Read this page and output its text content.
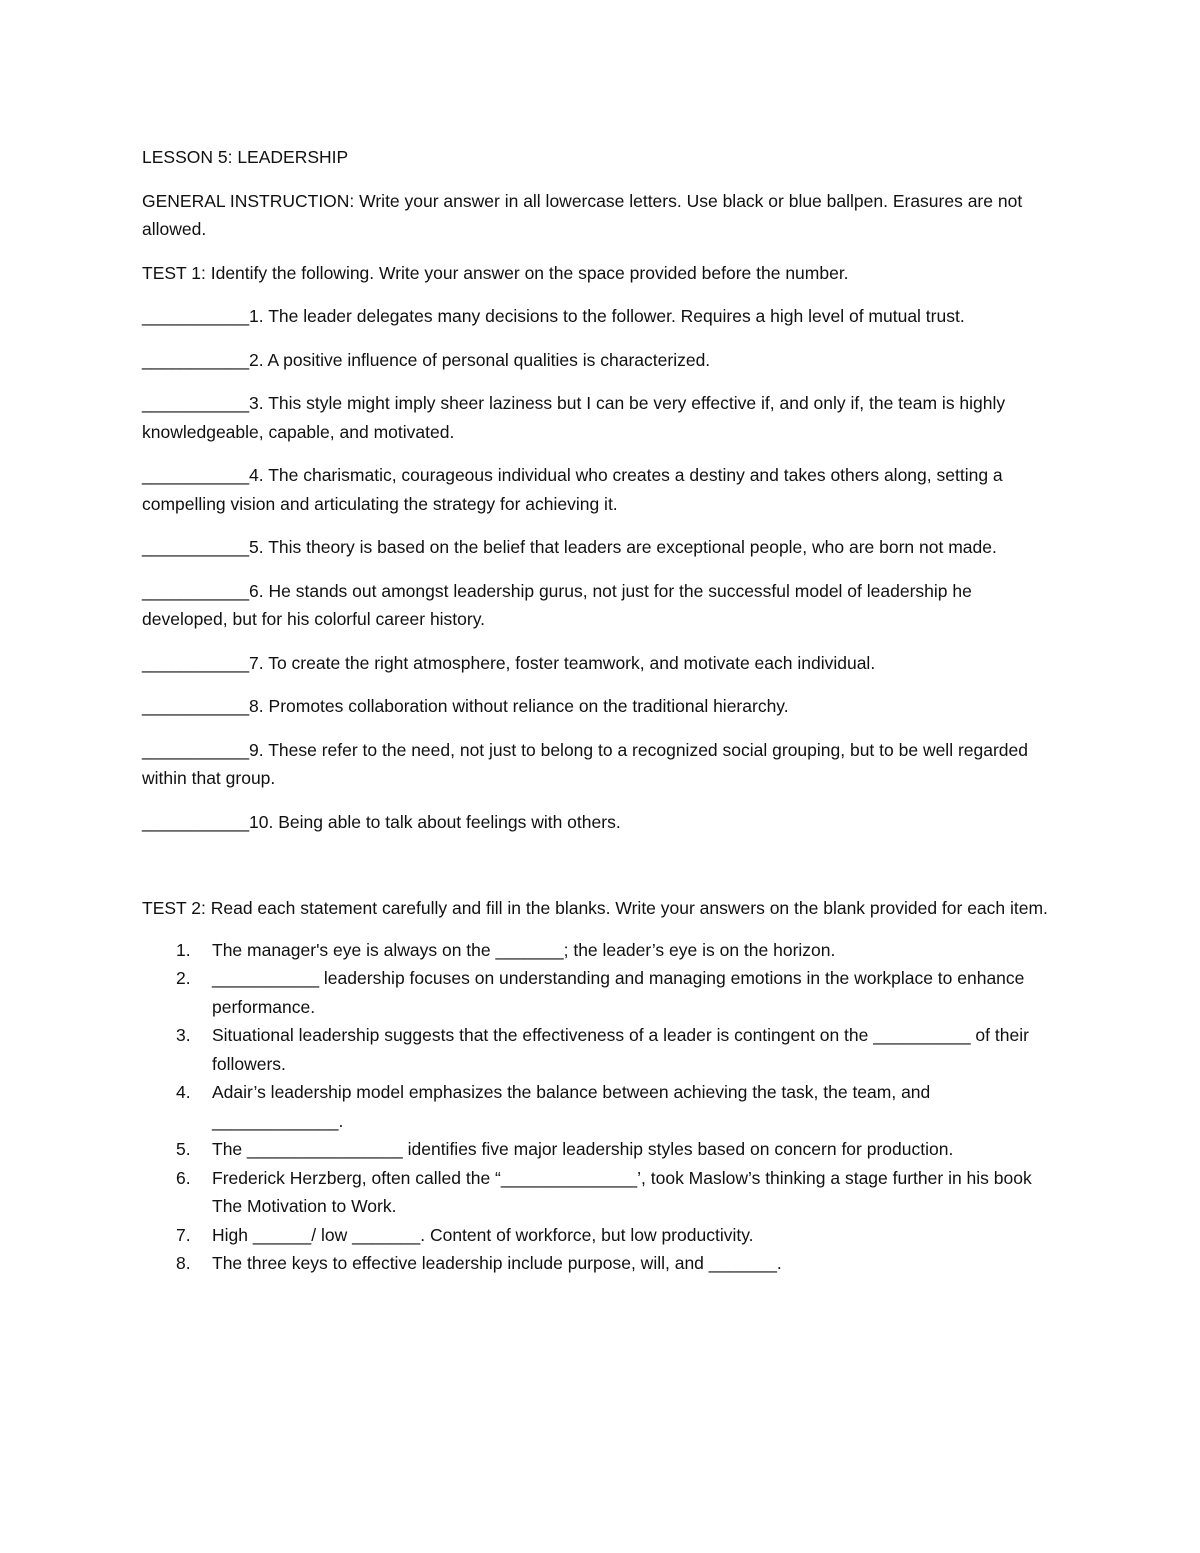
LESSON 5: LEADERSHIP

GENERAL INSTRUCTION: Write your answer in all lowercase letters. Use black or blue ballpen. Erasures are not allowed.

TEST 1: Identify the following. Write your answer on the space provided before the number.

___________1. The leader delegates many decisions to the follower. Requires a high level of mutual trust.
___________2. A positive influence of personal qualities is characterized.
___________3. This style might imply sheer laziness but I can be very effective if, and only if, the team is highly knowledgeable, capable, and motivated.
___________4. The charismatic, courageous individual who creates a destiny and takes others along, setting a compelling vision and articulating the strategy for achieving it.
___________5. This theory is based on the belief that leaders are exceptional people, who are born not made.
___________6. He stands out amongst leadership gurus, not just for the successful model of leadership he developed, but for his colorful career history.
___________7. To create the right atmosphere, foster teamwork, and motivate each individual.
___________8. Promotes collaboration without reliance on the traditional hierarchy.
___________9. These refer to the need, not just to belong to a recognized social grouping, but to be well regarded within that group.
___________10. Being able to talk about feelings with others.

TEST 2: Read each statement carefully and fill in the blanks. Write your answers on the blank provided for each item.

1.	The manager's eye is always on the _______; the leader’s eye is on the horizon.
2.	___________ leadership focuses on understanding and managing emotions in the workplace to enhance performance.
3.	Situational leadership suggests that the effectiveness of a leader is contingent on the __________ of their followers.
4.	Adair’s leadership model emphasizes the balance between achieving the task, the team, and _____________.
5.	The ________________ identifies five major leadership styles based on concern for production.
6.	Frederick Herzberg, often called the “______________’, took Maslow’s thinking a stage further in his book The Motivation to Work.
7.	High ______/ low _______. Content of workforce, but low productivity.
8.	The three keys to effective leadership include purpose, will, and _______.
